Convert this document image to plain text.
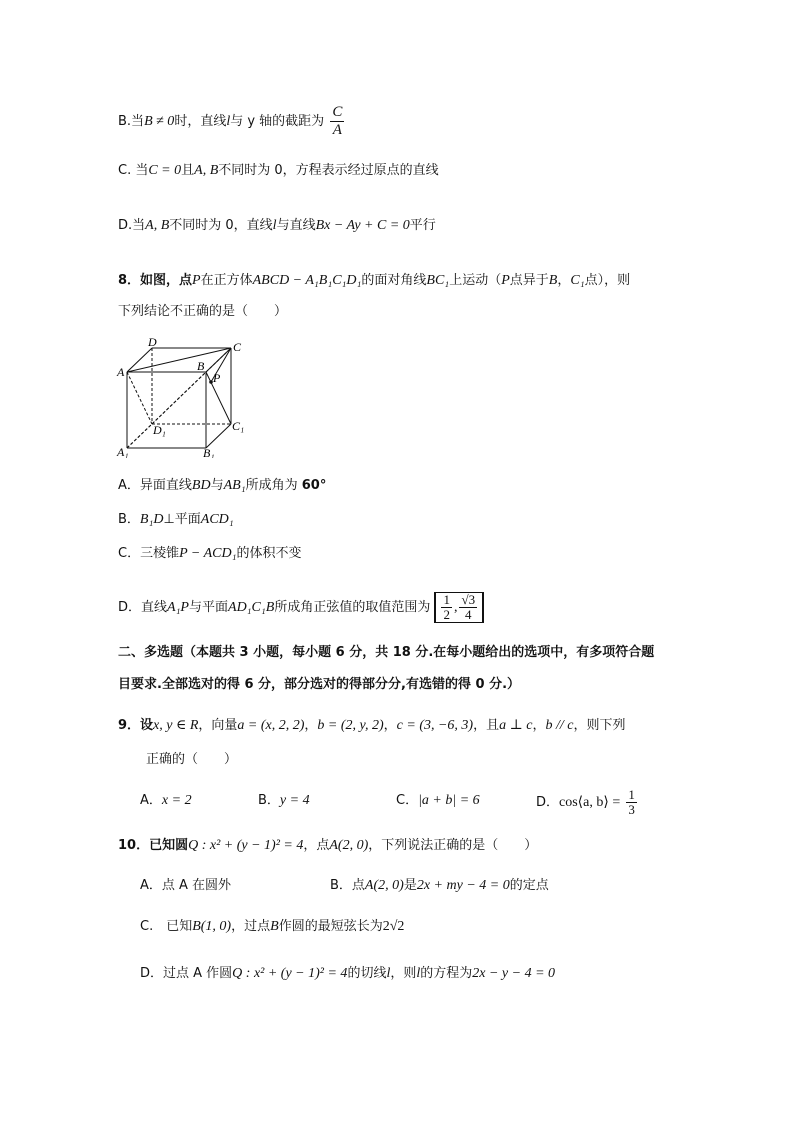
B.当B ≠ 0时，直线l与 y 轴的截距为 $\frac{C}{A}$
C. 当C = 0且A, B不同时为 0，方程表示经过原点的直线
D.当A, B不同时为 0，直线l与直线Bx − Ay + C = 0平行
8．如图，点P在正方体ABCD − A₁B₁C₁D₁的面对角线BC₁上运动（P点异于B，C₁点），则
下列结论不正确的是（　　）
D	C
A	B
P
D₁	C₁
A₁	B₁
A．异面直线BD与AB₁所成角为 60°
B．B₁D⊥平面ACD₁
C．三棱锥P − ACD₁的体积不变
D．直线A₁P与平面AD₁C₁B所成角正弦值的取值范围为 $\frac{1}{2}$ , $\frac{√3}{4}$
二、多选题（本题共 3 小题，每小题 6 分，共 18 分.在每小题给出的选项中，有多项符合题
目要求.全部选对的得 6 分，部分选对的得部分分,有选错的得 0 分.）
9．设x, y ∈ R，向量a = (x, 2, 2)，b = (2, y, 2)，c = (3, −6, 3)，且a ⊥ c，b // c，则下列
正确的（　　）
A．x = 2	B．y = 4	C．|a + b| = 6	D．cos⟨a, b⟩ = $\frac{1}{3}$
10．已知圆Q : x² + (y − 1)² = 4，点A(2, 0)，下列说法正确的是（　　）
A．点 A 在圆外	B．点A(2, 0)是2x + my − 4 = 0的定点
C.　已知B(1, 0)，过点B作圆的最短弦长为2√2
D．过点 A 作圆Q : x² + (y − 1)² = 4的切线l，则l的方程为2x − y − 4 = 0
